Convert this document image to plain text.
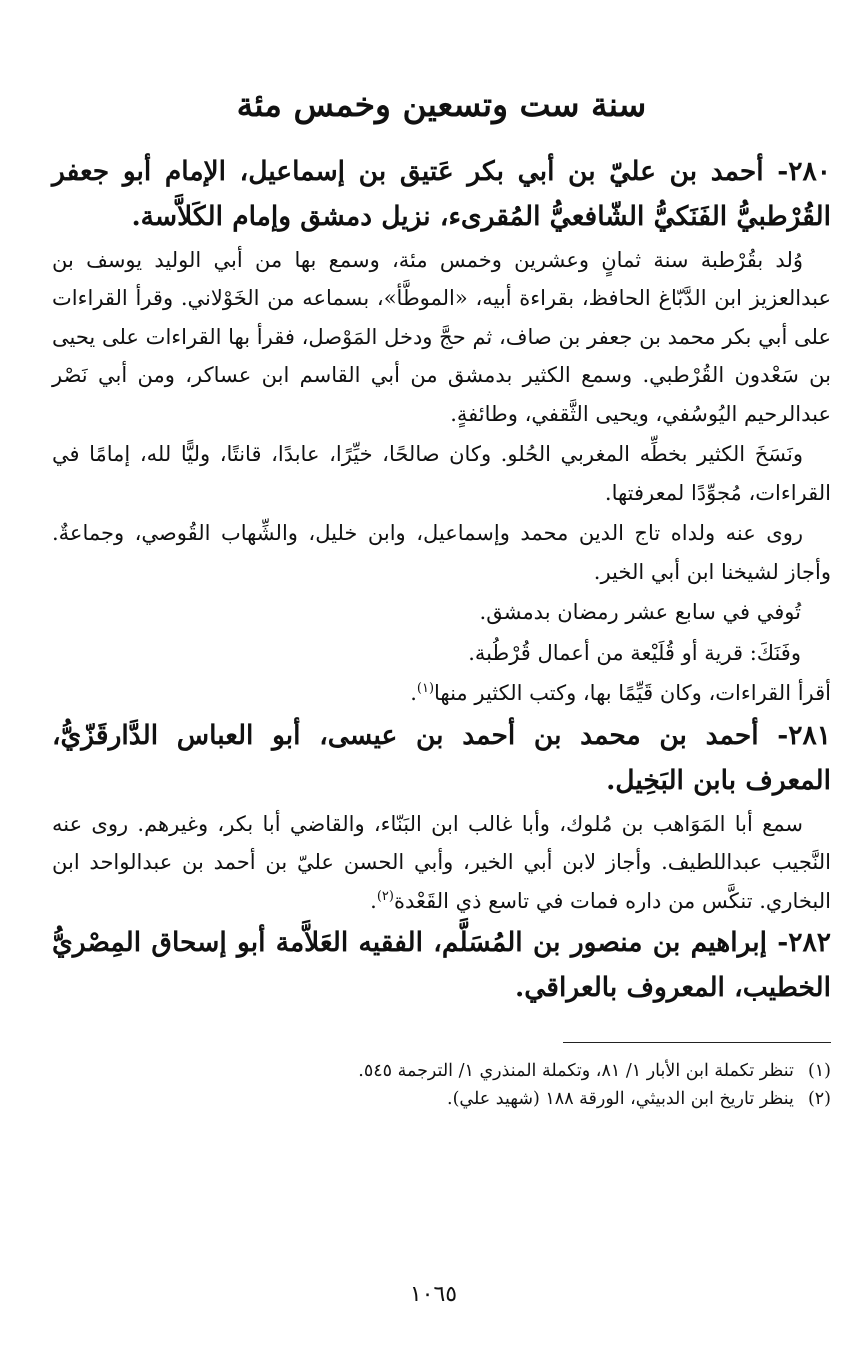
سنة ست وتسعين وخمس مئة

٢٨٠- أحمد بن عليّ بن أبي بكر عَتيق بن إسماعيل، الإمام أبو جعفر القُرْطبيُّ الفَنَكيُّ الشّافعيُّ المُقرىء، نزيل دمشق وإمام الكَلاَّسة.

وُلد بقُرْطبة سنة ثمانٍ وعشرين وخمس مئة، وسمع بها من أبي الوليد يوسف بن عبدالعزيز ابن الدَّبّاغ الحافظ، بقراءة أبيه، «الموطَّأ»، بسماعه من الخَوْلاني. وقرأ القراءات على أبي بكر محمد بن جعفر بن صاف، ثم حجَّ ودخل المَوْصل، فقرأ بها القراءات على يحيى بن سَعْدون القُرْطبي. وسمع الكثير بدمشق من أبي القاسم ابن عساكر، ومن أبي نَصْر عبدالرحيم اليُوسُفي، ويحيى الثَّقفي، وطائفةٍ.

ونَسَخَ الكثير بخطِّه المغربي الحُلو. وكان صالحًا، خيِّرًا، عابدًا، قانتًا، وليًّا لله، إمامًا في القراءات، مُجوِّدًا لمعرفتها.

روى عنه ولداه تاج الدين محمد وإسماعيل، وابن خليل، والشِّهاب القُوصي، وجماعةٌ. وأجاز لشيخنا ابن أبي الخير.

تُوفي في سابع عشر رمضان بدمشق.

وفَنَكَ: قرية أو قُلَيْعة من أعمال قُرْطُبة.

أقرأ القراءات، وكان قَيِّمًا بها، وكتب الكثير منها$^{(١)}$.

٢٨١- أحمد بن محمد بن أحمد بن عيسى، أبو العباس الدَّارقَزّيُّ، المعرف بابن البَخِيل.

سمع أبا المَوَاهب بن مُلوك، وأبا غالب ابن البَنّاء، والقاضي أبا بكر، وغيرهم. روى عنه النَّجيب عبداللطيف. وأجاز لابن أبي الخير، وأبي الحسن عليّ بن أحمد بن عبدالواحد ابن البخاري. تنكَّس من داره فمات في تاسع ذي القَعْدة$^{(٢)}$.

٢٨٢- إبراهيم بن منصور بن المُسَلَّم، الفقيه العَلاَّمة أبو إسحاق المِصْريُّ الخطيب، المعروف بالعراقي.

(١)
تنظر تكملة ابن الأبار ١/ ٨١، وتكملة المنذري ١/ الترجمة ٥٤٥.
(٢)
ينظر تاريخ ابن الدبيثي، الورقة ١٨٨ (شهيد علي).
١٠٦٥
